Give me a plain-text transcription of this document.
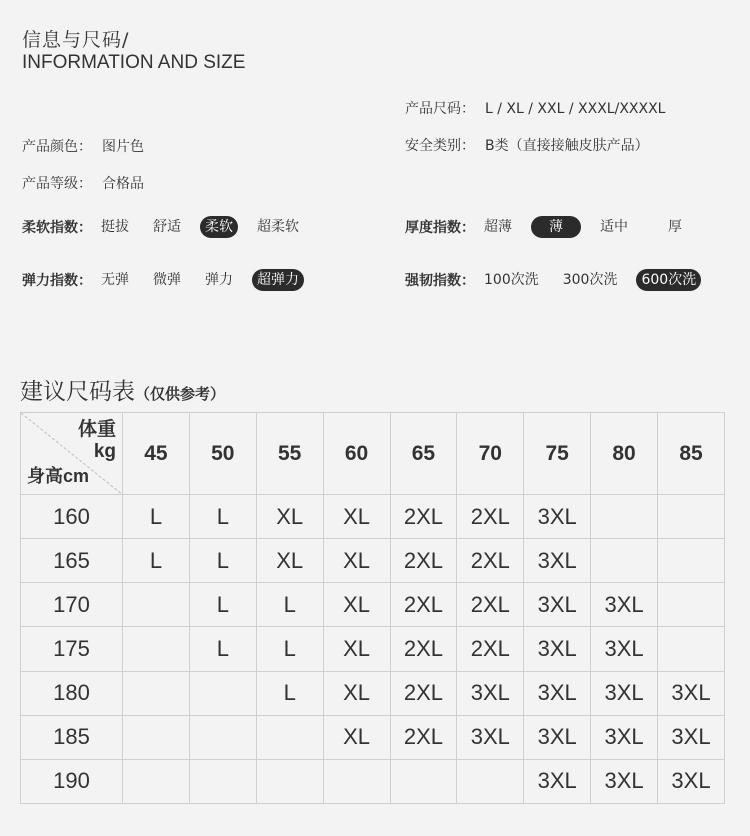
信息与尺码/
INFORMATION AND SIZE
产品尺码： L / XL / XXL / XXXL/XXXXL
产品颜色： 图片色	安全类别： B类（直接接触皮肤产品）
产品等级： 合格品
柔软指数： 挺拔	舒适	柔软	超柔软	厚度指数： 超薄	薄	适中	厚
弹力指数： 无弹	微弹	弹力	超弹力	强韧指数： 100次洗	300次洗	600次洗
建议尺码表（仅供参考）
体重
kg
身高cm	45	50	55	60	65	70	75	80	85
160	L	L	XL	XL	2XL	2XL	3XL		
165	L	L	XL	XL	2XL	2XL	3XL		
170		L	L	XL	2XL	2XL	3XL	3XL	
175		L	L	XL	2XL	2XL	3XL	3XL	
180			L	XL	2XL	3XL	3XL	3XL	3XL
185				XL	2XL	3XL	3XL	3XL	3XL
190							3XL	3XL	3XL
